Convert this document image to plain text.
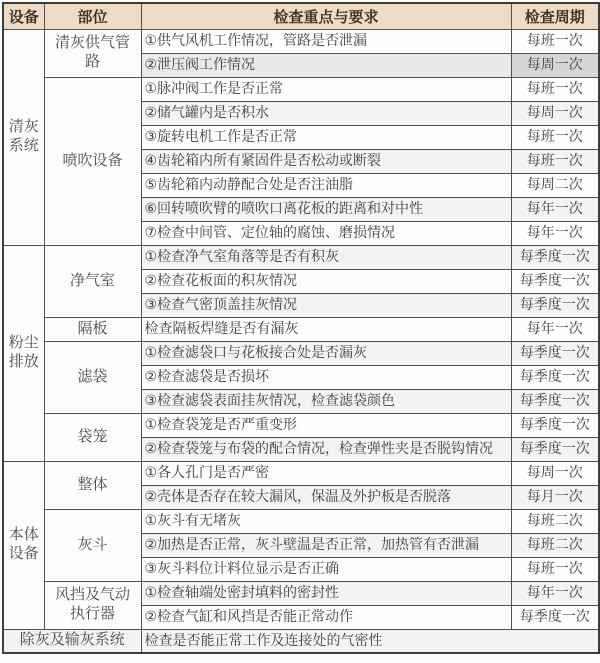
设备	部位	检查重点与要求	检查周期
清灰系统	清灰供气管路	①供气风机工作情况，管路是否泄漏	每班一次
		②泄压阀工作情况	每周一次
	喷吹设备	①脉冲阀工作是否正常	每班一次
		②储气罐内是否积水	每周一次
		③旋转电机工作是否正常	每班一次
		④齿轮箱内所有紧固件是否松动或断裂	每班一次
		⑤齿轮箱内动静配合处是否注油脂	每周二次
		⑥回转喷吹臂的喷吹口离花板的距离和对中性	每年一次
		⑦检查中间管、定位轴的腐蚀、磨损情况	每年一次
粉尘排放	净气室	①检查净气室角落等是否有积灰	每季度一次
		②检查花板面的积灰情况	每季度一次
		③检查气密顶盖挂灰情况	每季度一次
	隔板	检查隔板焊缝是否有漏灰	每年一次
	滤袋	①检查滤袋口与花板接合处是否漏灰	每季度一次
		②检查滤袋是否损坏	每季度一次
		③检查滤袋表面挂灰情况，检查滤袋颜色	每季度一次
	袋笼	①检查袋笼是否严重变形	每季度一次
		②检查袋笼与布袋的配合情况，检查弹性夹是否脱钩情况	每季度一次
本体设备	整体	①各人孔门是否严密	每周一次
		②壳体是否存在较大漏风，保温及外护板是否脱落	每月一次
	灰斗	①灰斗有无堵灰	每班二次
		②加热是否正常，灰斗壁温是否正常，加热管有否泄漏	每班二次
		③灰斗料位计料位显示是否正确	每班一次
	风挡及气动执行器	①检查轴端处密封填料的密封性	每年一次
		②检查气缸和风挡是否能正常动作	每季度一次
除灰及输灰系统		检查是否能正常工作及连接处的气密性	
